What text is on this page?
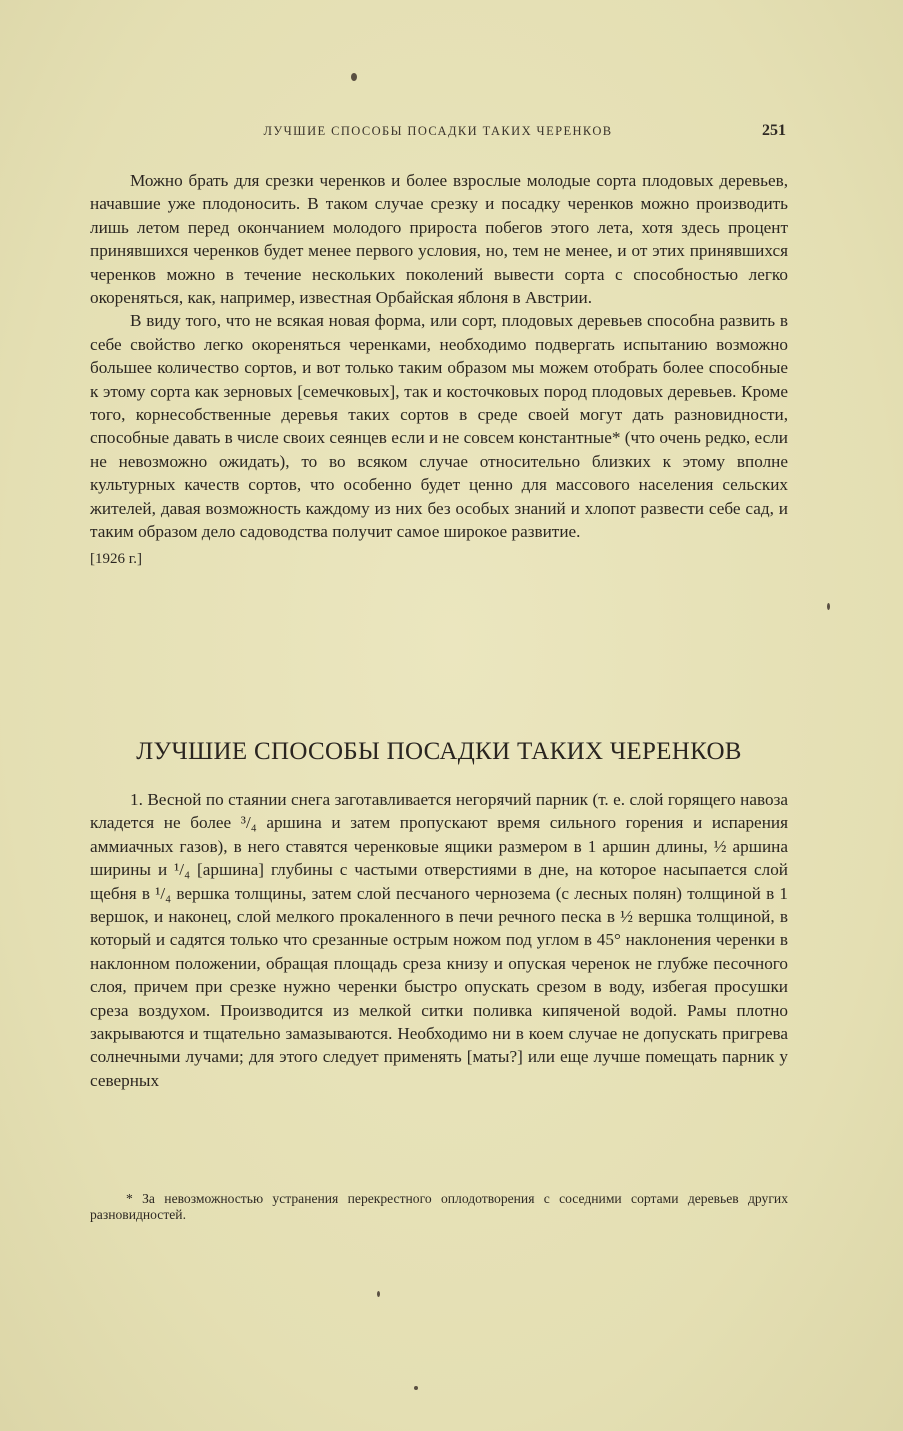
ЛУЧШИЕ СПОСОБЫ ПОСАДКИ ТАКИХ ЧЕРЕНКОВ	251

Можно брать для срезки черенков и более взрослые молодые сорта плодовых деревьев, начавшие уже плодоносить. В таком случае срезку и посадку черенков можно производить лишь летом перед окончанием молодого прироста побегов этого лета, хотя здесь процент принявшихся черенков будет менее первого условия, но, тем не менее, и от этих принявшихся черенков можно в течение нескольких поколений вывести сорта с способностью легко окореняться, как, например, известная Орбайская яблоня в Австрии.

В виду того, что не всякая новая форма, или сорт, плодовых деревьев способна развить в себе свойство легко окореняться черенками, необходимо подвергать испытанию возможно большее количество сортов, и вот только таким образом мы можем отобрать более способные к этому сорта как зерновых [семечковых], так и косточковых пород плодовых деревьев. Кроме того, корнесобственные деревья таких сортов в среде своей могут дать разновидности, способные давать в числе своих сеянцев если и не совсем константные* (что очень редко, если не невозможно ожидать), то во всяком случае относительно близких к этому вполне культурных качеств сортов, что особенно будет ценно для массового населения сельских жителей, давая возможность каждому из них без особых знаний и хлопот развести себе сад, и таким образом дело садоводства получит самое широкое развитие.

[1926 г.]

ЛУЧШИЕ СПОСОБЫ ПОСАДКИ ТАКИХ ЧЕРЕНКОВ

1. Весной по стаянии снега заготавливается негорячий парник (т. е. слой горящего навоза кладется не более ³/₄ аршина и затем пропускают время сильного горения и испарения аммиачных газов), в него ставятся черенковые ящики размером в 1 аршин длины, ½ аршина ширины и ¹/₄ [аршина] глубины с частыми отверстиями в дне, на которое насыпается слой щебня в ¹/₄ вершка толщины, затем слой песчаного чернозема (с лесных полян) толщиной в 1 вершок, и наконец, слой мелкого прокаленного в печи речного песка в ½ вершка толщиной, в который и садятся только что срезанные острым ножом под углом в 45° наклонения черенки в наклонном положении, обращая площадь среза книзу и опуская черенок не глубже песочного слоя, причем при срезке нужно черенки быстро опускать срезом в воду, избегая просушки среза воздухом. Производится из мелкой ситки поливка кипяченой водой. Рамы плотно закрываются и тщательно замазываются. Необходимо ни в коем случае не допускать пригрева солнечными лучами; для этого следует применять [маты?] или еще лучше помещать парник у северных

* За невозможностью устранения перекрестного оплодотворения с соседними сортами деревьев других разновидностей.
